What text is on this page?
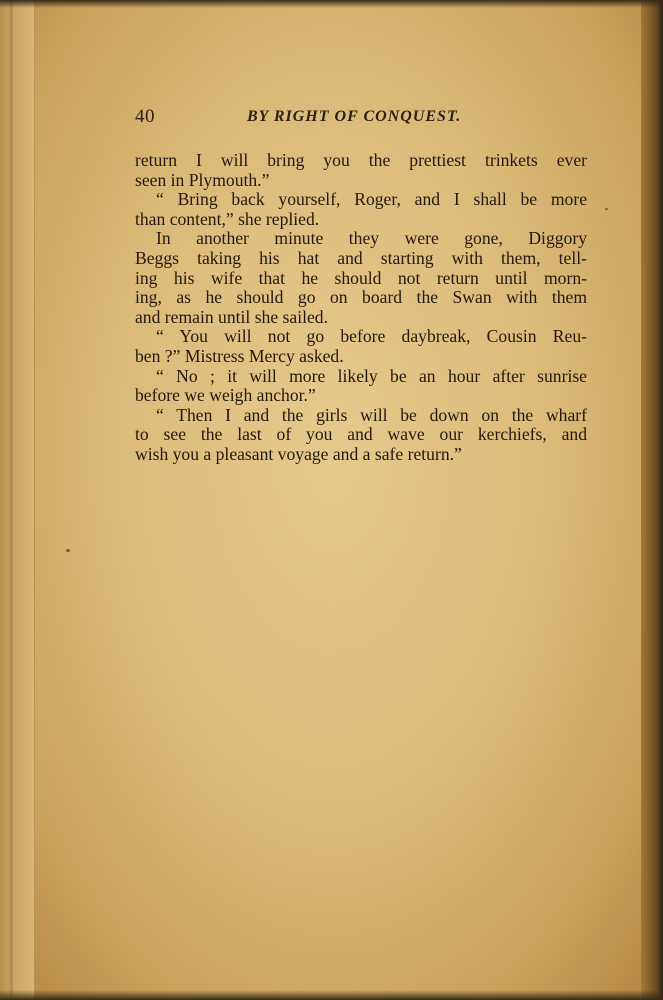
40	BY RIGHT OF CONQUEST.
return I will bring you the prettiest trinkets ever
seen in Plymouth.”
“ Bring back yourself, Roger, and I shall be more
than content,” she replied.
In another minute they were gone, Diggory
Beggs taking his hat and starting with them, tell-
ing his wife that he should not return until morn-
ing, as he should go on board the Swan with them
and remain until she sailed.
“ You will not go before daybreak, Cousin Reu-
ben ?” Mistress Mercy asked.
“ No ; it will more likely be an hour after sunrise
before we weigh anchor.”
“ Then I and the girls will be down on the wharf
to see the last of you and wave our kerchiefs, and
wish you a pleasant voyage and a safe return.”
